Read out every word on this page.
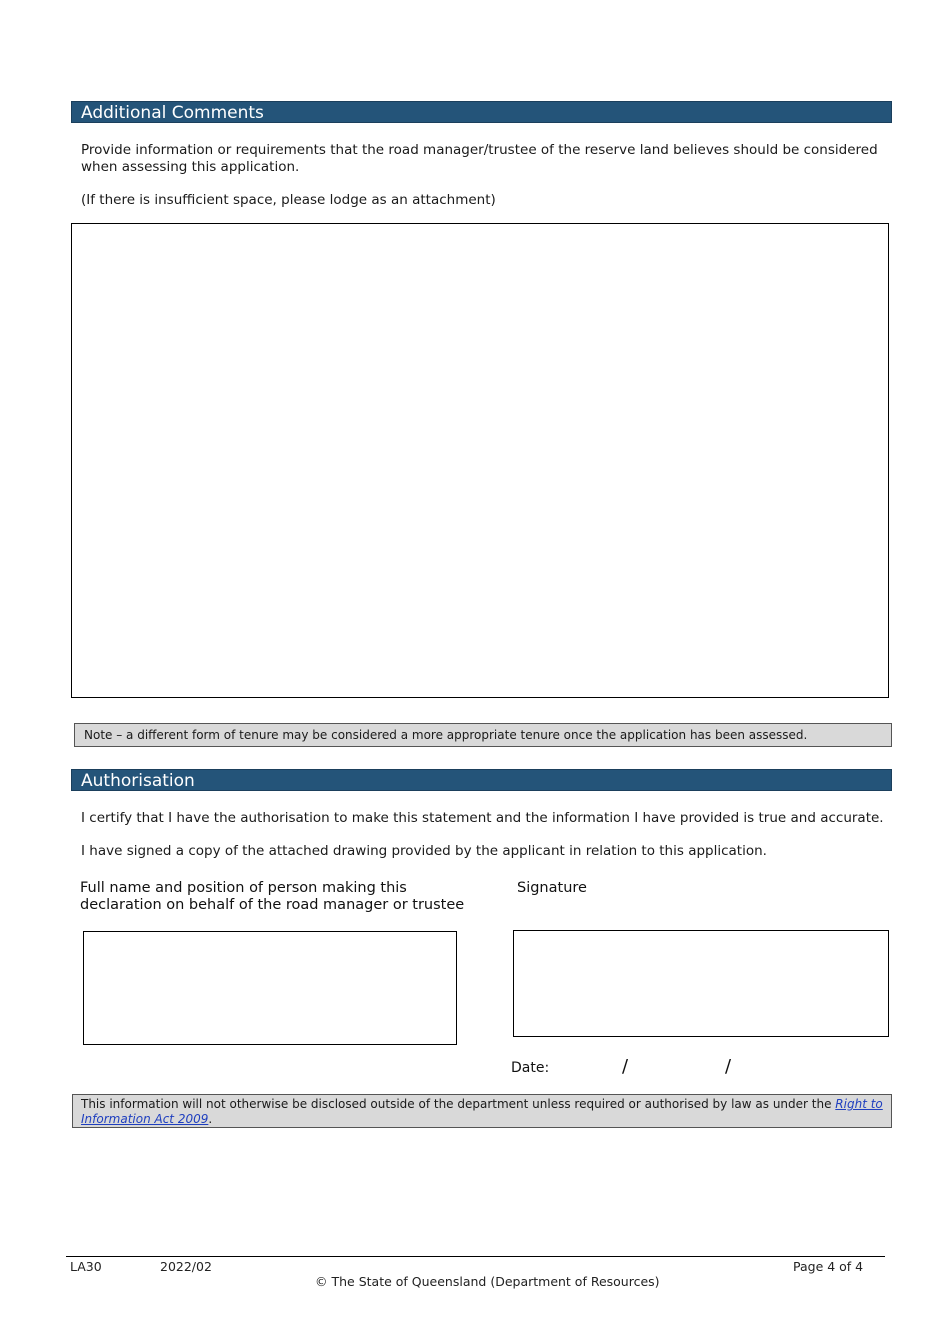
Additional Comments
Provide information or requirements that the road manager/trustee of the reserve land believes should be considered when assessing this application.
(If there is insufficient space, please lodge as an attachment)
Note – a different form of tenure may be considered a more appropriate tenure once the application has been assessed.
Authorisation
I certify that I have the authorisation to make this statement and the information I have provided is true and accurate.
I have signed a copy of the attached drawing provided by the applicant in relation to this application.
Full name and position of person making this
declaration on behalf of the road manager or trustee
Signature
Date:	/	/
This information will not otherwise be disclosed outside of the department unless required or authorised by law as under the Right to Information Act 2009.
LA30	2022/02	Page 4 of 4
© The State of Queensland (Department of Resources)
